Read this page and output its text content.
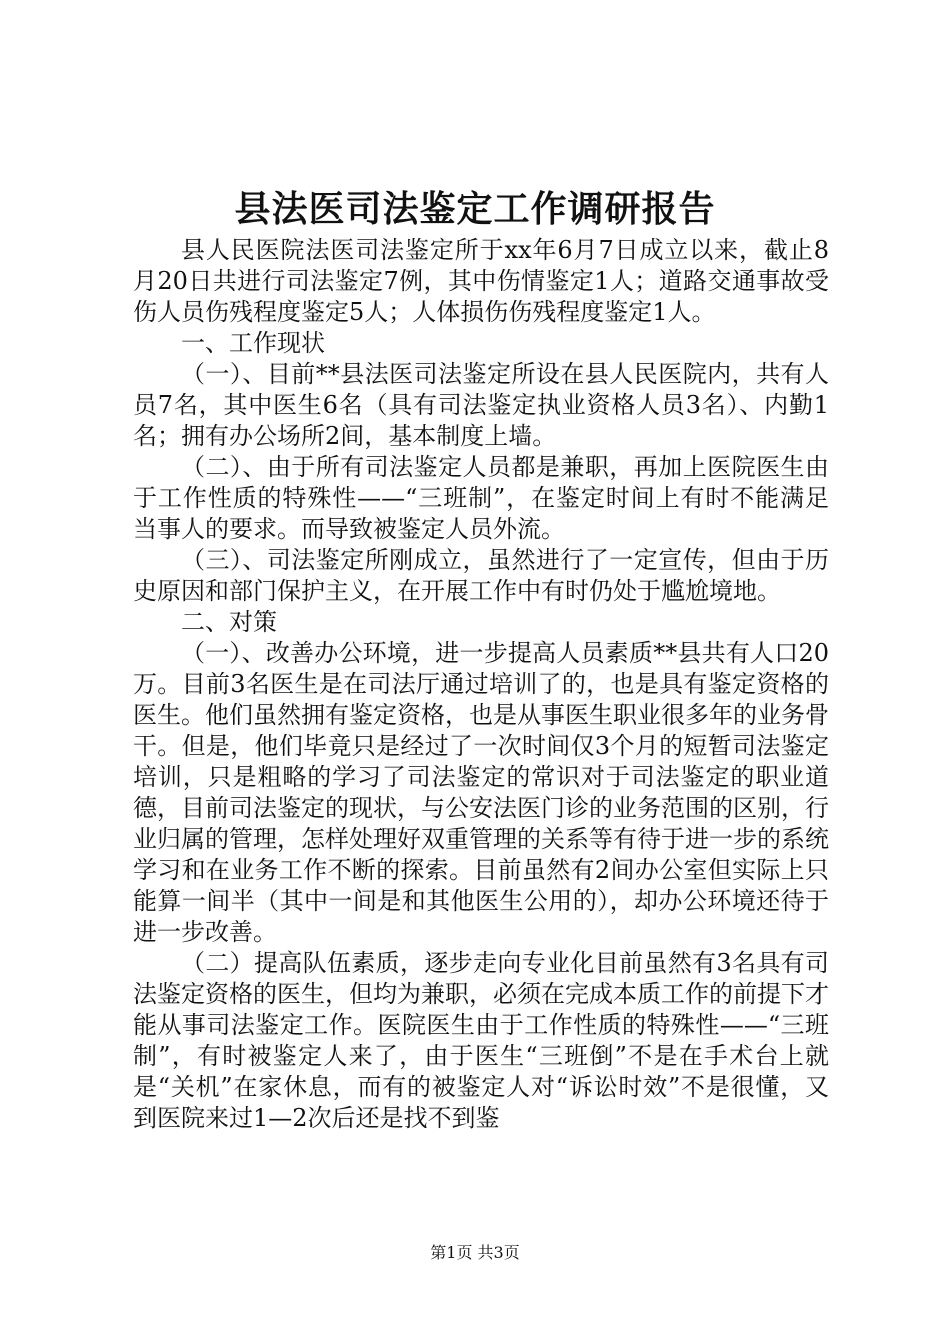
县法医司法鉴定工作调研报告

县人民医院法医司法鉴定所于xx年6月7日成立以来，截止8月20日共进行司法鉴定7例，其中伤情鉴定1人；道路交通事故受伤人员伤残程度鉴定5人；人体损伤伤残程度鉴定1人。

一、工作现状

（一）、目前**县法医司法鉴定所设在县人民医院内，共有人员7名，其中医生6名（具有司法鉴定执业资格人员3名）、内勤1名；拥有办公场所2间，基本制度上墙。

（二）、由于所有司法鉴定人员都是兼职，再加上医院医生由于工作性质的特殊性——“三班制”，在鉴定时间上有时不能满足当事人的要求。而导致被鉴定人员外流。

（三）、司法鉴定所刚成立，虽然进行了一定宣传，但由于历史原因和部门保护主义，在开展工作中有时仍处于尴尬境地。

二、对策

（一）、改善办公环境，进一步提高人员素质**县共有人口20万。目前3名医生是在司法厅通过培训了的，也是具有鉴定资格的医生。他们虽然拥有鉴定资格，也是从事医生职业很多年的业务骨干。但是，他们毕竟只是经过了一次时间仅3个月的短暂司法鉴定培训，只是粗略的学习了司法鉴定的常识对于司法鉴定的职业道德，目前司法鉴定的现状，与公安法医门诊的业务范围的区别，行业归属的管理，怎样处理好双重管理的关系等有待于进一步的系统学习和在业务工作不断的探索。目前虽然有2间办公室但实际上只能算一间半（其中一间是和其他医生公用的），却办公环境还待于进一步改善。

（二）提高队伍素质，逐步走向专业化目前虽然有3名具有司法鉴定资格的医生，但均为兼职，必须在完成本质工作的前提下才能从事司法鉴定工作。医院医生由于工作性质的特殊性——“三班制”，有时被鉴定人来了，由于医生“三班倒”不是在手术台上就是“关机”在家休息，而有的被鉴定人对“诉讼时效”不是很懂，又到医院来过1—2次后还是找不到鉴

第1页 共3页
